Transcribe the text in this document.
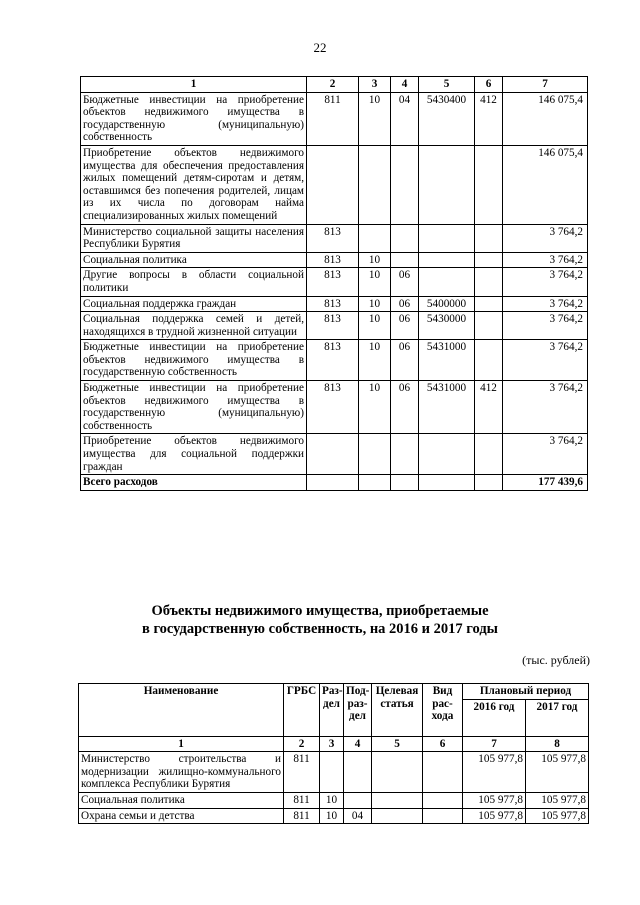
22
1	2	3	4	5	6	7
Бюджетные инвестиции на приобретение объектов недвижимого имущества в государственную (муниципальную) собственность	811	10	04	5430400	412	146 075,4
Приобретение объектов недвижимого имущества для обеспечения предоставления жилых помещений детям-сиротам и детям, оставшимся без попечения родителей, лицам из их числа по договорам найма специализированных жилых помещений						146 075,4
Министерство социальной защиты населения Республики Бурятия	813					3 764,2
Социальная политика	813	10				3 764,2
Другие вопросы в области социальной политики	813	10	06			3 764,2
Социальная поддержка граждан	813	10	06	5400000		3 764,2
Социальная поддержка семей и детей, находящихся в трудной жизненной ситуации	813	10	06	5430000		3 764,2
Бюджетные инвестиции на приобретение объектов недвижимого имущества в государственную собственность	813	10	06	5431000		3 764,2
Бюджетные инвестиции на приобретение объектов недвижимого имущества в государственную (муниципальную) собственность	813	10	06	5431000	412	3 764,2
Приобретение объектов недвижимого имущества для социальной поддержки граждан						3 764,2
Всего расходов						177 439,6
Объекты недвижимого имущества, приобретаемые
в государственную собственность, на 2016 и 2017 годы
(тыс. рублей)
Наименование	ГРБС	Раз-дел	Под-раз-дел	Целевая статья	Вид рас-хода	Плановый период	
						2016 год	2017 год
1	2	3	4	5	6	7	8
Министерство строительства и модернизации жилищно-коммунального комплекса Республики Бурятия	811					105 977,8	105 977,8
Социальная политика	811	10				105 977,8	105 977,8
Охрана семьи и детства	811	10	04			105 977,8	105 977,8
